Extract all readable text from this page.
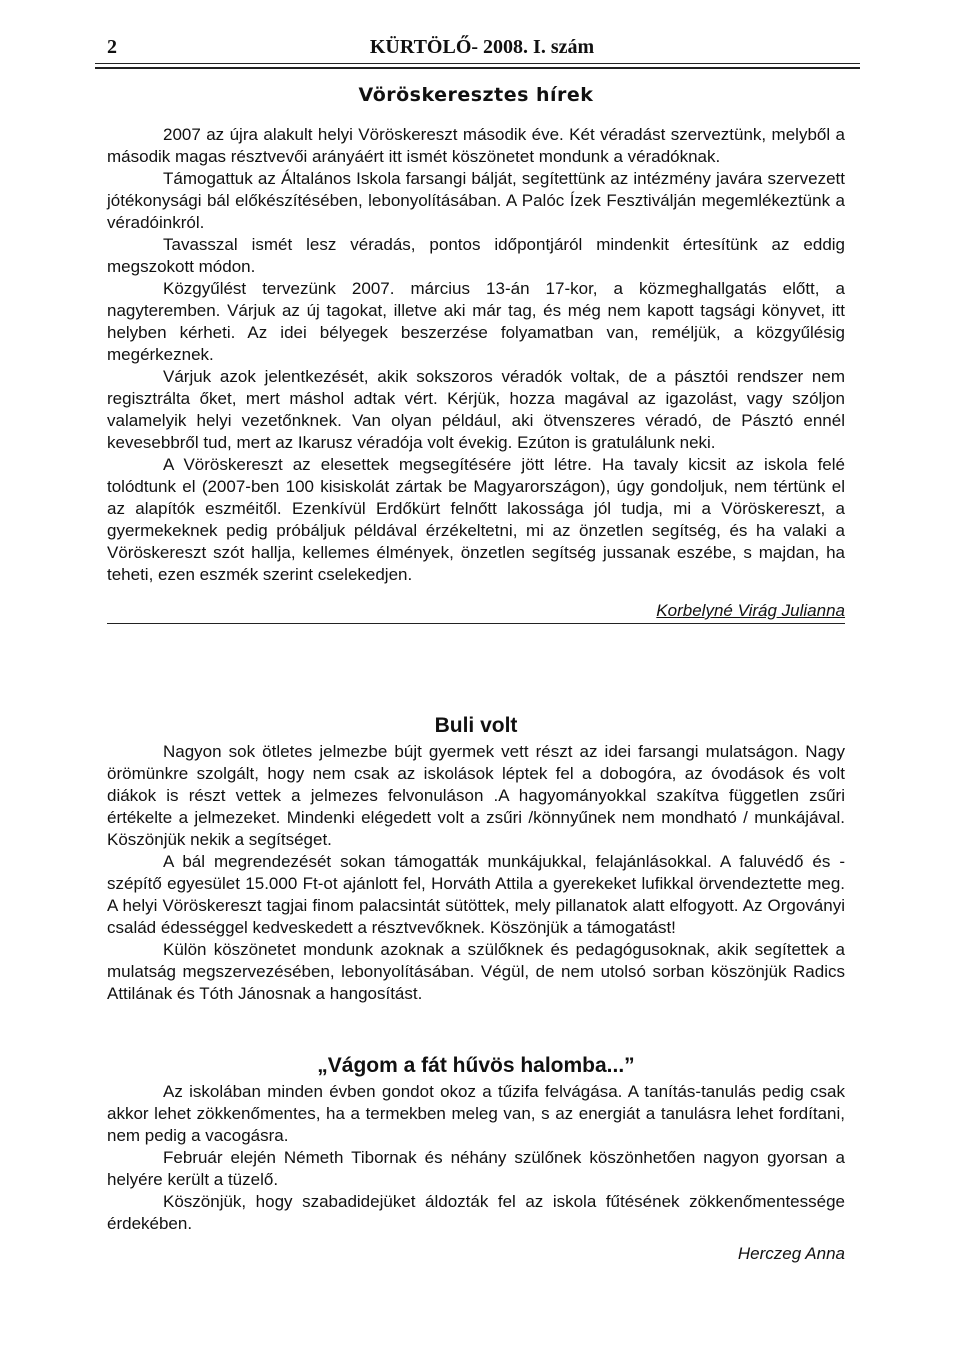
2	KÜRTÖLŐ- 2008. I. szám
Vöröskeresztes hírek

2007 az újra alakult helyi Vöröskereszt második éve. Két véradást szerveztünk, melyből a második magas résztvevői arányáért itt ismét köszönetet mondunk a véradóknak.

Támogattuk az Általános Iskola farsangi bálját, segítettünk az intézmény javára szervezett jótékonysági bál előkészítésében, lebonyolításában. A Palóc Ízek Fesztiválján megemlékeztünk a véradóinkról.

Tavasszal ismét lesz véradás, pontos időpontjáról mindenkit értesítünk az eddig megszokott módon.

Közgyűlést tervezünk 2007. március 13-án 17-kor, a közmeghallgatás előtt, a nagyteremben. Várjuk az új tagokat, illetve aki már tag, és még nem kapott tagsági könyvet, itt helyben kérheti. Az idei bélyegek beszerzése folyamatban van, reméljük, a közgyűlésig megérkeznek.

Várjuk azok jelentkezését, akik sokszoros véradók voltak, de a pásztói rendszer nem regisztrálta őket, mert máshol adtak vért. Kérjük, hozza magával az igazolást, vagy szóljon valamelyik helyi vezetőnknek. Van olyan például, aki ötvenszeres véradó, de Pásztó ennél kevesebbről tud, mert az Ikarusz véradója volt évekig. Ezúton is gratulálunk neki.

A Vöröskereszt az elesettek megsegítésére jött létre. Ha tavaly kicsit az iskola felé tolódtunk el (2007-ben 100 kisiskolát zártak be Magyarországon), úgy gondoljuk, nem tértünk el az alapítók eszméitől. Ezenkívül Erdőkürt felnőtt lakossága jól tudja, mi a Vöröskereszt, a gyermekeknek pedig próbáljuk példával érzékeltetni, mi az önzetlen segítség, és ha valaki a Vöröskereszt szót hallja, kellemes élmények, önzetlen segítség jussanak eszébe, s majdan, ha teheti, ezen eszmék szerint cselekedjen.

Korbelyné Virág Julianna
Buli volt

Nagyon sok ötletes jelmezbe bújt gyermek vett részt az idei farsangi mulatságon. Nagy örömünkre szolgált, hogy nem csak az iskolások léptek fel a dobogóra, az óvodások és volt diákok is részt vettek a jelmezes felvonuláson .A hagyományokkal szakítva független zsűri értékelte a jelmezeket. Mindenki elégedett volt a zsűri /könnyűnek nem mondható / munkájával. Köszönjük nekik a segítséget.

A bál megrendezését sokan támogatták munkájukkal, felajánlásokkal. A faluvédő és - szépítő egyesület 15.000 Ft-ot ajánlott fel, Horváth Attila a gyerekeket lufikkal örvendeztette meg. A helyi Vöröskereszt tagjai finom palacsintát sütöttek, mely pillanatok alatt elfogyott. Az Orgoványi család édességgel kedveskedett a résztvevőknek. Köszönjük a támogatást!

Külön köszönetet mondunk azoknak a szülőknek és pedagógusoknak, akik segítettek a mulatság megszervezésében, lebonyolításában. Végül, de nem utolsó sorban köszönjük Radics Attilának és Tóth Jánosnak a hangosítást.

„Vágom a fát hűvös halomba...”

Az iskolában minden évben gondot okoz a tűzifa felvágása. A tanítás-tanulás pedig csak akkor lehet zökkenőmentes, ha a termekben meleg van, s az energiát a tanulásra lehet fordítani, nem pedig a vacogásra.

Február elején Németh Tibornak és néhány szülőnek köszönhetően nagyon gyorsan a helyére került a tüzelő.

Köszönjük, hogy szabadidejüket áldozták fel az iskola fűtésének zökkenőmentessége érdekében.

Herczeg Anna
